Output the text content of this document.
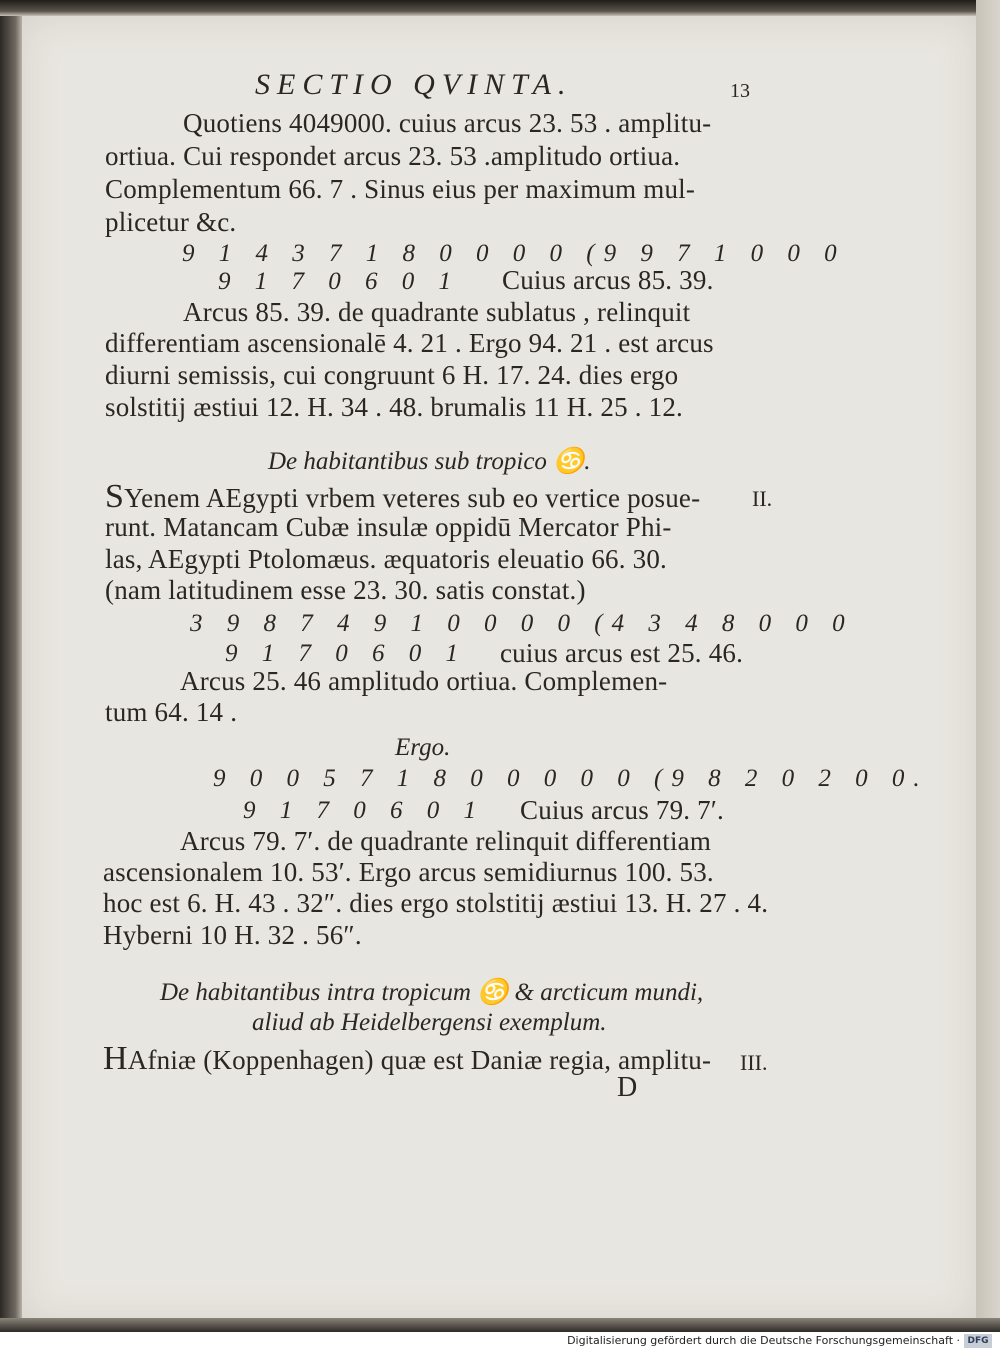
SECTIO QVINTA.	13
Quotiens 4049000. cuius arcus 23. 53 . amplitu-
ortiua. Cui respondet arcus 23. 53 .amplitudo ortiua.
Complementum 66. 7 . Sinus eius per maximum mul-
plicetur &c.
9 1 4 3 7 1 8 0 0 0 0 (9 9 7 1 0 0 0
9 1 7 0 6 0 1 Cuius arcus 85. 39.
Arcus 85. 39. de quadrante sublatus , relinquit
differentiam ascensionalē 4. 21 . Ergo 94. 21 . est arcus
diurni semissis, cui congruunt 6 H. 17. 24. dies ergo
solstitij æstiui 12. H. 34 . 48. brumalis 11 H. 25 . 12.
De habitantibus sub tropico ♋.
SYenem AEgypti vrbem veteres sub eo vertice posue- II.
runt. Matancam Cubæ insulæ oppidū Mercator Phi-
las, AEgypti Ptolomæus. æquatoris eleuatio 66. 30.
(nam latitudinem esse 23. 30. satis constat.)
3 9 8 7 4 9 1 0 0 0 0 (4 3 4 8 0 0 0
9 1 7 0 6 0 1 cuius arcus est 25. 46.
Arcus 25. 46 amplitudo ortiua. Complemen-
tum 64. 14 .
Ergo.
9 0 0 5 7 1 8 0 0 0 0 0 (9 8 2 0 2 0 0.
9 1 7 0 6 0 1 Cuius arcus 79. 7′.
Arcus 79. 7′. de quadrante relinquit differentiam
ascensionalem 10. 53′. Ergo arcus semidiurnus 100. 53.
hoc est 6. H. 43 . 32″. dies ergo stolstitij æstiui 13. H. 27 . 4.
Hyberni 10 H. 32 . 56″.
De habitantibus intra tropicum ♋ & arcticum mundi,
aliud ab Heidelbergensi exemplum.
HAfniæ (Koppenhagen) quæ est Daniæ regia, amplitu- III.
D
Digitalisierung gefördert durch die Deutsche Forschungsgemeinschaft · DFG
